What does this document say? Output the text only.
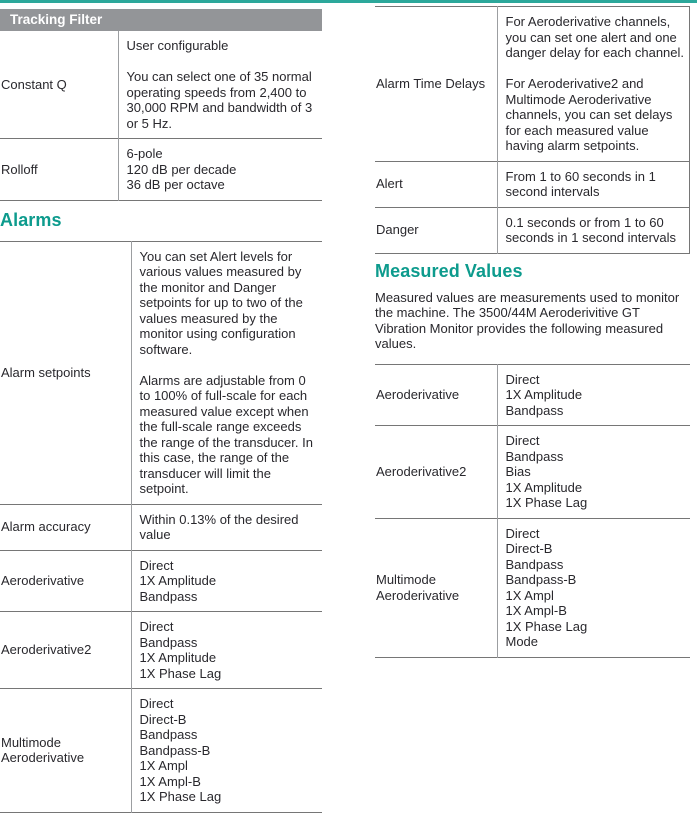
Tracking Filter
Constant Q	User configurable

You can select one of 35 normal operating speeds from 2,400 to 30,000 RPM and bandwidth of 3 or 5 Hz.
Rolloff	6-pole
120 dB per decade
36 dB per octave
Alarms
Alarm setpoints	You can set Alert levels for various values measured by the monitor and Danger setpoints for up to two of the values measured by the monitor using configuration software.

Alarms are adjustable from 0 to 100% of full-scale for each measured value except when the full-scale range exceeds the range of the transducer. In this case, the range of the transducer will limit the setpoint.
Alarm accuracy	Within 0.13% of the desired value
Aeroderivative	Direct
1X Amplitude
Bandpass
Aeroderivative2	Direct
Bandpass
1X Amplitude
1X Phase Lag
Multimode Aeroderivative	Direct
Direct-B
Bandpass
Bandpass-B
1X Ampl
1X Ampl-B
1X Phase Lag
Alarm Time Delays	For Aeroderivative channels, you can set one alert and one danger delay for each channel.

For Aeroderivative2 and Multimode Aeroderivative channels, you can set delays for each measured value having alarm setpoints.
Alert	From 1 to 60 seconds in 1 second intervals
Danger	0.1 seconds or from 1 to 60 seconds in 1 second intervals
Measured Values

Measured values are measurements used to monitor the machine. The 3500/44M Aeroderivitive GT Vibration Monitor provides the following measured values.

Aeroderivative	Direct
1X Amplitude
Bandpass
Aeroderivative2	Direct
Bandpass
Bias
1X Amplitude
1X Phase Lag
Multimode Aeroderivative	Direct
Direct-B
Bandpass
Bandpass-B
1X Ampl
1X Ampl-B
1X Phase Lag
Mode
